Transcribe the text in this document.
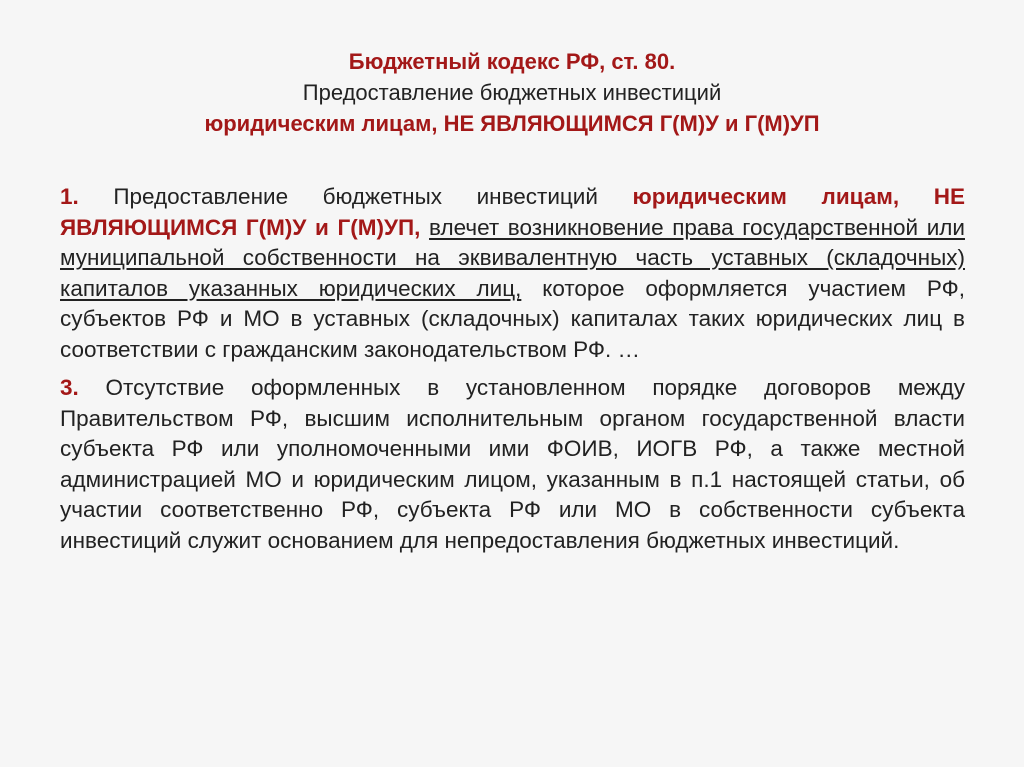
Бюджетный кодекс РФ, ст. 80.
Предоставление бюджетных инвестиций
юридическим лицам, НЕ ЯВЛЯЮЩИМСЯ Г(М)У и Г(М)УП

1. Предоставление бюджетных инвестиций юридическим лицам, НЕ ЯВЛЯЮЩИМСЯ Г(М)У и Г(М)УП, влечет возникновение права государственной или муниципальной собственности на эквивалентную часть уставных (складочных) капиталов указанных юридических лиц, которое оформляется участием РФ, субъектов РФ и МО в уставных (складочных) капиталах таких юридических лиц в соответствии с гражданским законодательством РФ. …

3. Отсутствие оформленных в установленном порядке договоров между Правительством РФ, высшим исполнительным органом государственной власти субъекта РФ или уполномоченными ими ФОИВ, ИОГВ РФ, а также местной администрацией МО и юридическим лицом, указанным в п.1 настоящей статьи, об участии соответственно РФ, субъекта РФ или МО в собственности субъекта инвестиций служит основанием для непредоставления бюджетных инвестиций.
